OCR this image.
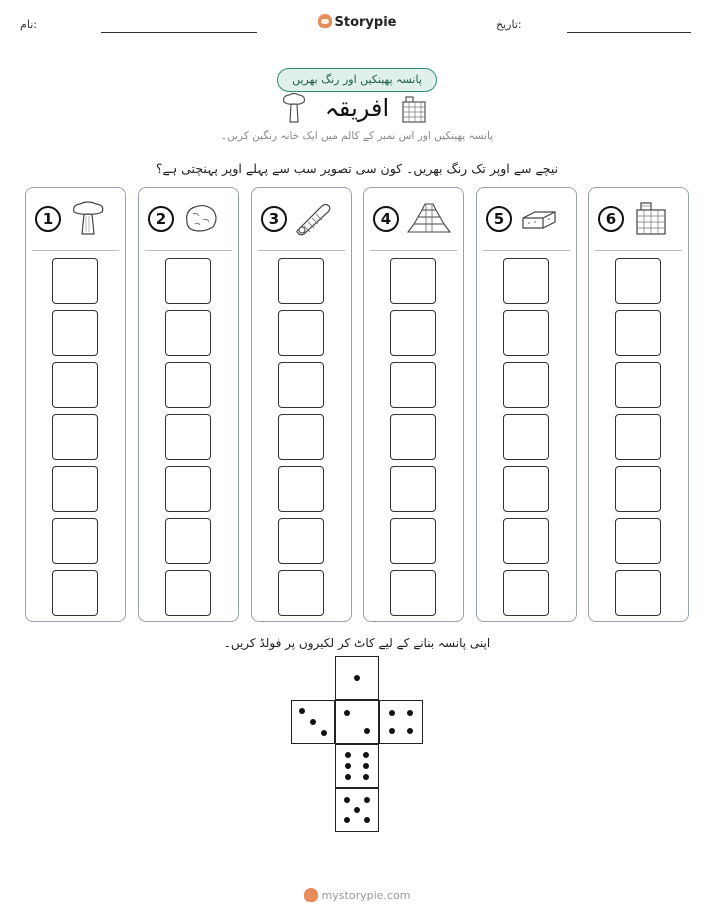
نام:	Storypie	تاریخ:
پانسہ پھینکیں اور رنگ بھریں
افریقہ
پانسہ پھینکیں اور اس نمبر کے کالم میں ایک خانہ رنگین کریں۔
نیچے سے اوپر تک رنگ بھریں۔ کون سی تصویر سب سے پہلے اوپر پہنچتی ہے؟
1	2	3	4	5	6
اپنی پانسہ بنانے کے لیے کاٹ کر لکیروں پر فولڈ کریں۔
mystorypie.com
